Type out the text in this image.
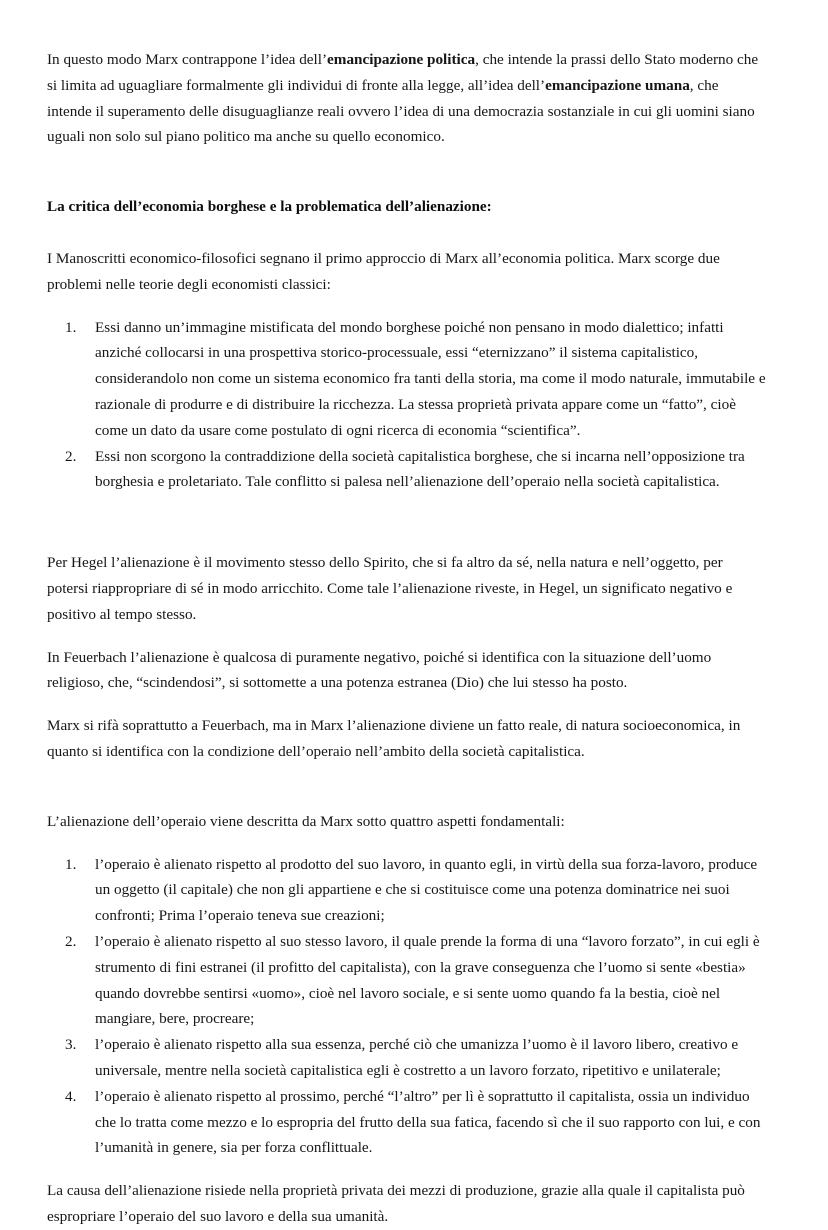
In questo modo Marx contrappone l’idea dell’emancipazione politica, che intende la prassi dello Stato moderno che si limita ad uguagliare formalmente gli individui di fronte alla legge, all’idea dell’emancipazione umana, che intende il superamento delle disuguaglianze reali ovvero l’idea di una democrazia sostanziale in cui gli uomini siano uguali non solo sul piano politico ma anche su quello economico.

La critica dell’economia borghese e la problematica dell’alienazione:

I Manoscritti economico-filosofici segnano il primo approccio di Marx all’economia politica. Marx scorge due problemi nelle teorie degli economisti classici:

1.	Essi danno un’immagine mistificata del mondo borghese poiché non pensano in modo dialettico; infatti anziché collocarsi in una prospettiva storico-processuale, essi “eternizzano” il sistema capitalistico, considerandolo non come un sistema economico fra tanti della storia, ma come il modo naturale, immutabile e razionale di produrre e di distribuire la ricchezza. La stessa proprietà privata appare come un “fatto”, cioè come un dato da usare come postulato di ogni ricerca di economia “scientifica”.
2.	Essi non scorgono la contraddizione della società capitalistica borghese, che si incarna nell’opposizione tra borghesia e proletariato. Tale conflitto si palesa nell’alienazione dell’operaio nella società capitalistica.

Per Hegel l’alienazione è il movimento stesso dello Spirito, che si fa altro da sé, nella natura e nell’oggetto, per potersi riappropriare di sé in modo arricchito. Come tale l’alienazione riveste, in Hegel, un significato negativo e positivo al tempo stesso.

In Feuerbach l’alienazione è qualcosa di puramente negativo, poiché si identifica con la situazione dell’uomo religioso, che, “scindendosi”, si sottomette a una potenza estranea (Dio) che lui stesso ha posto.

Marx si rifà soprattutto a Feuerbach, ma in Marx l’alienazione diviene un fatto reale, di natura socioeconomica, in quanto si identifica con la condizione dell’operaio nell’ambito della società capitalistica.

L’alienazione dell’operaio viene descritta da Marx sotto quattro aspetti fondamentali:

1.	l’operaio è alienato rispetto al prodotto del suo lavoro, in quanto egli, in virtù della sua forza-lavoro, produce un oggetto (il capitale) che non gli appartiene e che si costituisce come una potenza dominatrice nei suoi confronti; Prima l’operaio teneva sue creazioni;
2.	l’operaio è alienato rispetto al suo stesso lavoro, il quale prende la forma di una “lavoro forzato”, in cui egli è strumento di fini estranei (il profitto del capitalista), con la grave conseguenza che l’uomo si sente «bestia» quando dovrebbe sentirsi «uomo», cioè nel lavoro sociale, e si sente uomo quando fa la bestia, cioè nel mangiare, bere, procreare;
3.	l’operaio è alienato rispetto alla sua essenza, perché ciò che umanizza l’uomo è il lavoro libero, creativo e universale, mentre nella società capitalistica egli è costretto a un lavoro forzato, ripetitivo e unilaterale;
4.	l’operaio è alienato rispetto al prossimo, perché “l’altro” per lì è soprattutto il capitalista, ossia un individuo che lo tratta come mezzo e lo espropria del frutto della sua fatica, facendo sì che il suo rapporto con lui, e con l’umanità in genere, sia per forza conflittuale.

La causa dell’alienazione risiede nella proprietà privata dei mezzi di produzione, grazie alla quale il capitalista può espropriare l’operaio del suo lavoro e della sua umanità.
